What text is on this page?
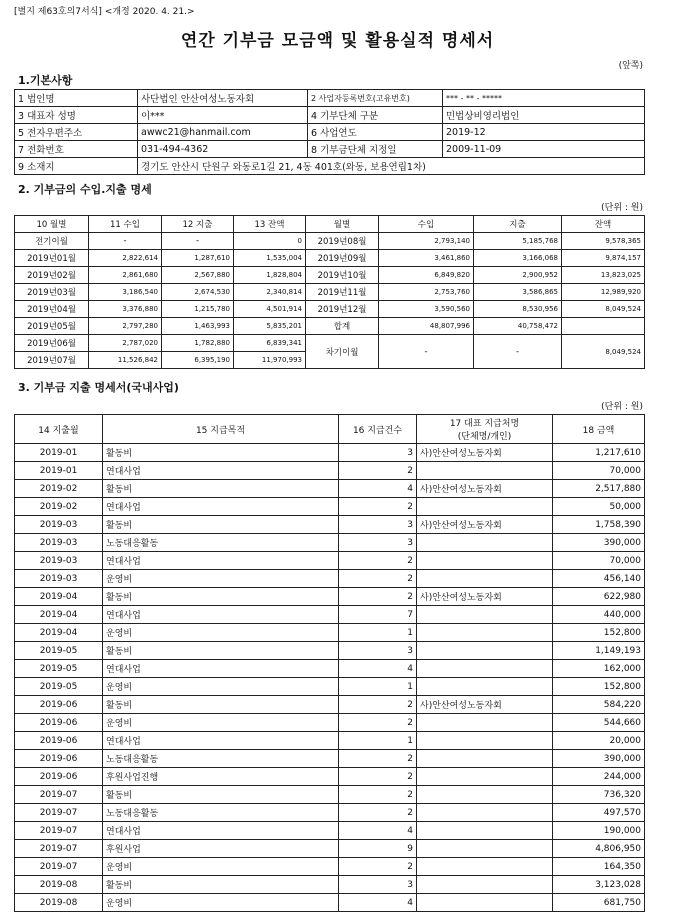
[별지 제63호의7서식] <개정 2020. 4. 21.>
연간 기부금 모금액 및 활용실적 명세서
(앞쪽)
1.기본사항
1 법인명	사단법인 안산여성노동자회	2 사업자등록번호(고유번호)	*** - ** - *****
3 대표자 성명	이***	4 기부단체 구분	민법상비영리법인
5 전자우편주소	awwc21@hanmail.com	6 사업연도	2019-12
7 전화번호	031-494-4362	8 기부금단체 지정일	2009-11-09
9 소재지	경기도 안산시 단원구 와동로1길 21, 4동 401호(와동, 보용연립1차)		
2. 기부금의 수입.지출 명세
(단위 : 원)
10 월별	11 수입	12 지출	13 잔액	월별	수입	지출	잔액
전기이월	-	-	0	2019년08월	2,793,140	5,185,768	9,578,365
2019년01월	2,822,614	1,287,610	1,535,004	2019년09월	3,461,860	3,166,068	9,874,157
2019년02월	2,861,680	2,567,880	1,828,804	2019년10월	6,849,820	2,900,952	13,823,025
2019년03월	3,186,540	2,674,530	2,340,814	2019년11월	2,753,760	3,586,865	12,989,920
2019년04월	3,376,880	1,215,780	4,501,914	2019년12월	3,590,560	8,530,956	8,049,524
2019년05월	2,797,280	1,463,993	5,835,201	합계	48,807,996	40,758,472	
2019년06월	2,787,020	1,782,880	6,839,341	차기이월	-	-	8,049,524
2019년07월	11,526,842	6,395,190	11,970,993				
3. 기부금 지출 명세서(국내사업)
(단위 : 원)
14 지출월	15 지급목적	16 지급건수	17 대표 지급처명
(단체명/개인)	18 금액
2019-01	활동비	3	사)안산여성노동자회	1,217,610
2019-01	연대사업	2		70,000
2019-02	활동비	4	사)안산여성노동자회	2,517,880
2019-02	연대사업	2		50,000
2019-03	활동비	3	사)안산여성노동자회	1,758,390
2019-03	노동대응활동	3		390,000
2019-03	연대사업	2		70,000
2019-03	운영비	2		456,140
2019-04	활동비	2	사)안산여성노동자회	622,980
2019-04	연대사업	7		440,000
2019-04	운영비	1		152,800
2019-05	활동비	3		1,149,193
2019-05	연대사업	4		162,000
2019-05	운영비	1		152,800
2019-06	활동비	2	사)안산여성노동자회	584,220
2019-06	운영비	2		544,660
2019-06	연대사업	1		20,000
2019-06	노동대응활동	2		390,000
2019-06	후원사업진행	2		244,000
2019-07	활동비	2		736,320
2019-07	노동대응활동	2		497,570
2019-07	연대사업	4		190,000
2019-07	후원사업	9		4,806,950
2019-07	운영비	2		164,350
2019-08	활동비	3		3,123,028
2019-08	운영비	4		681,750
